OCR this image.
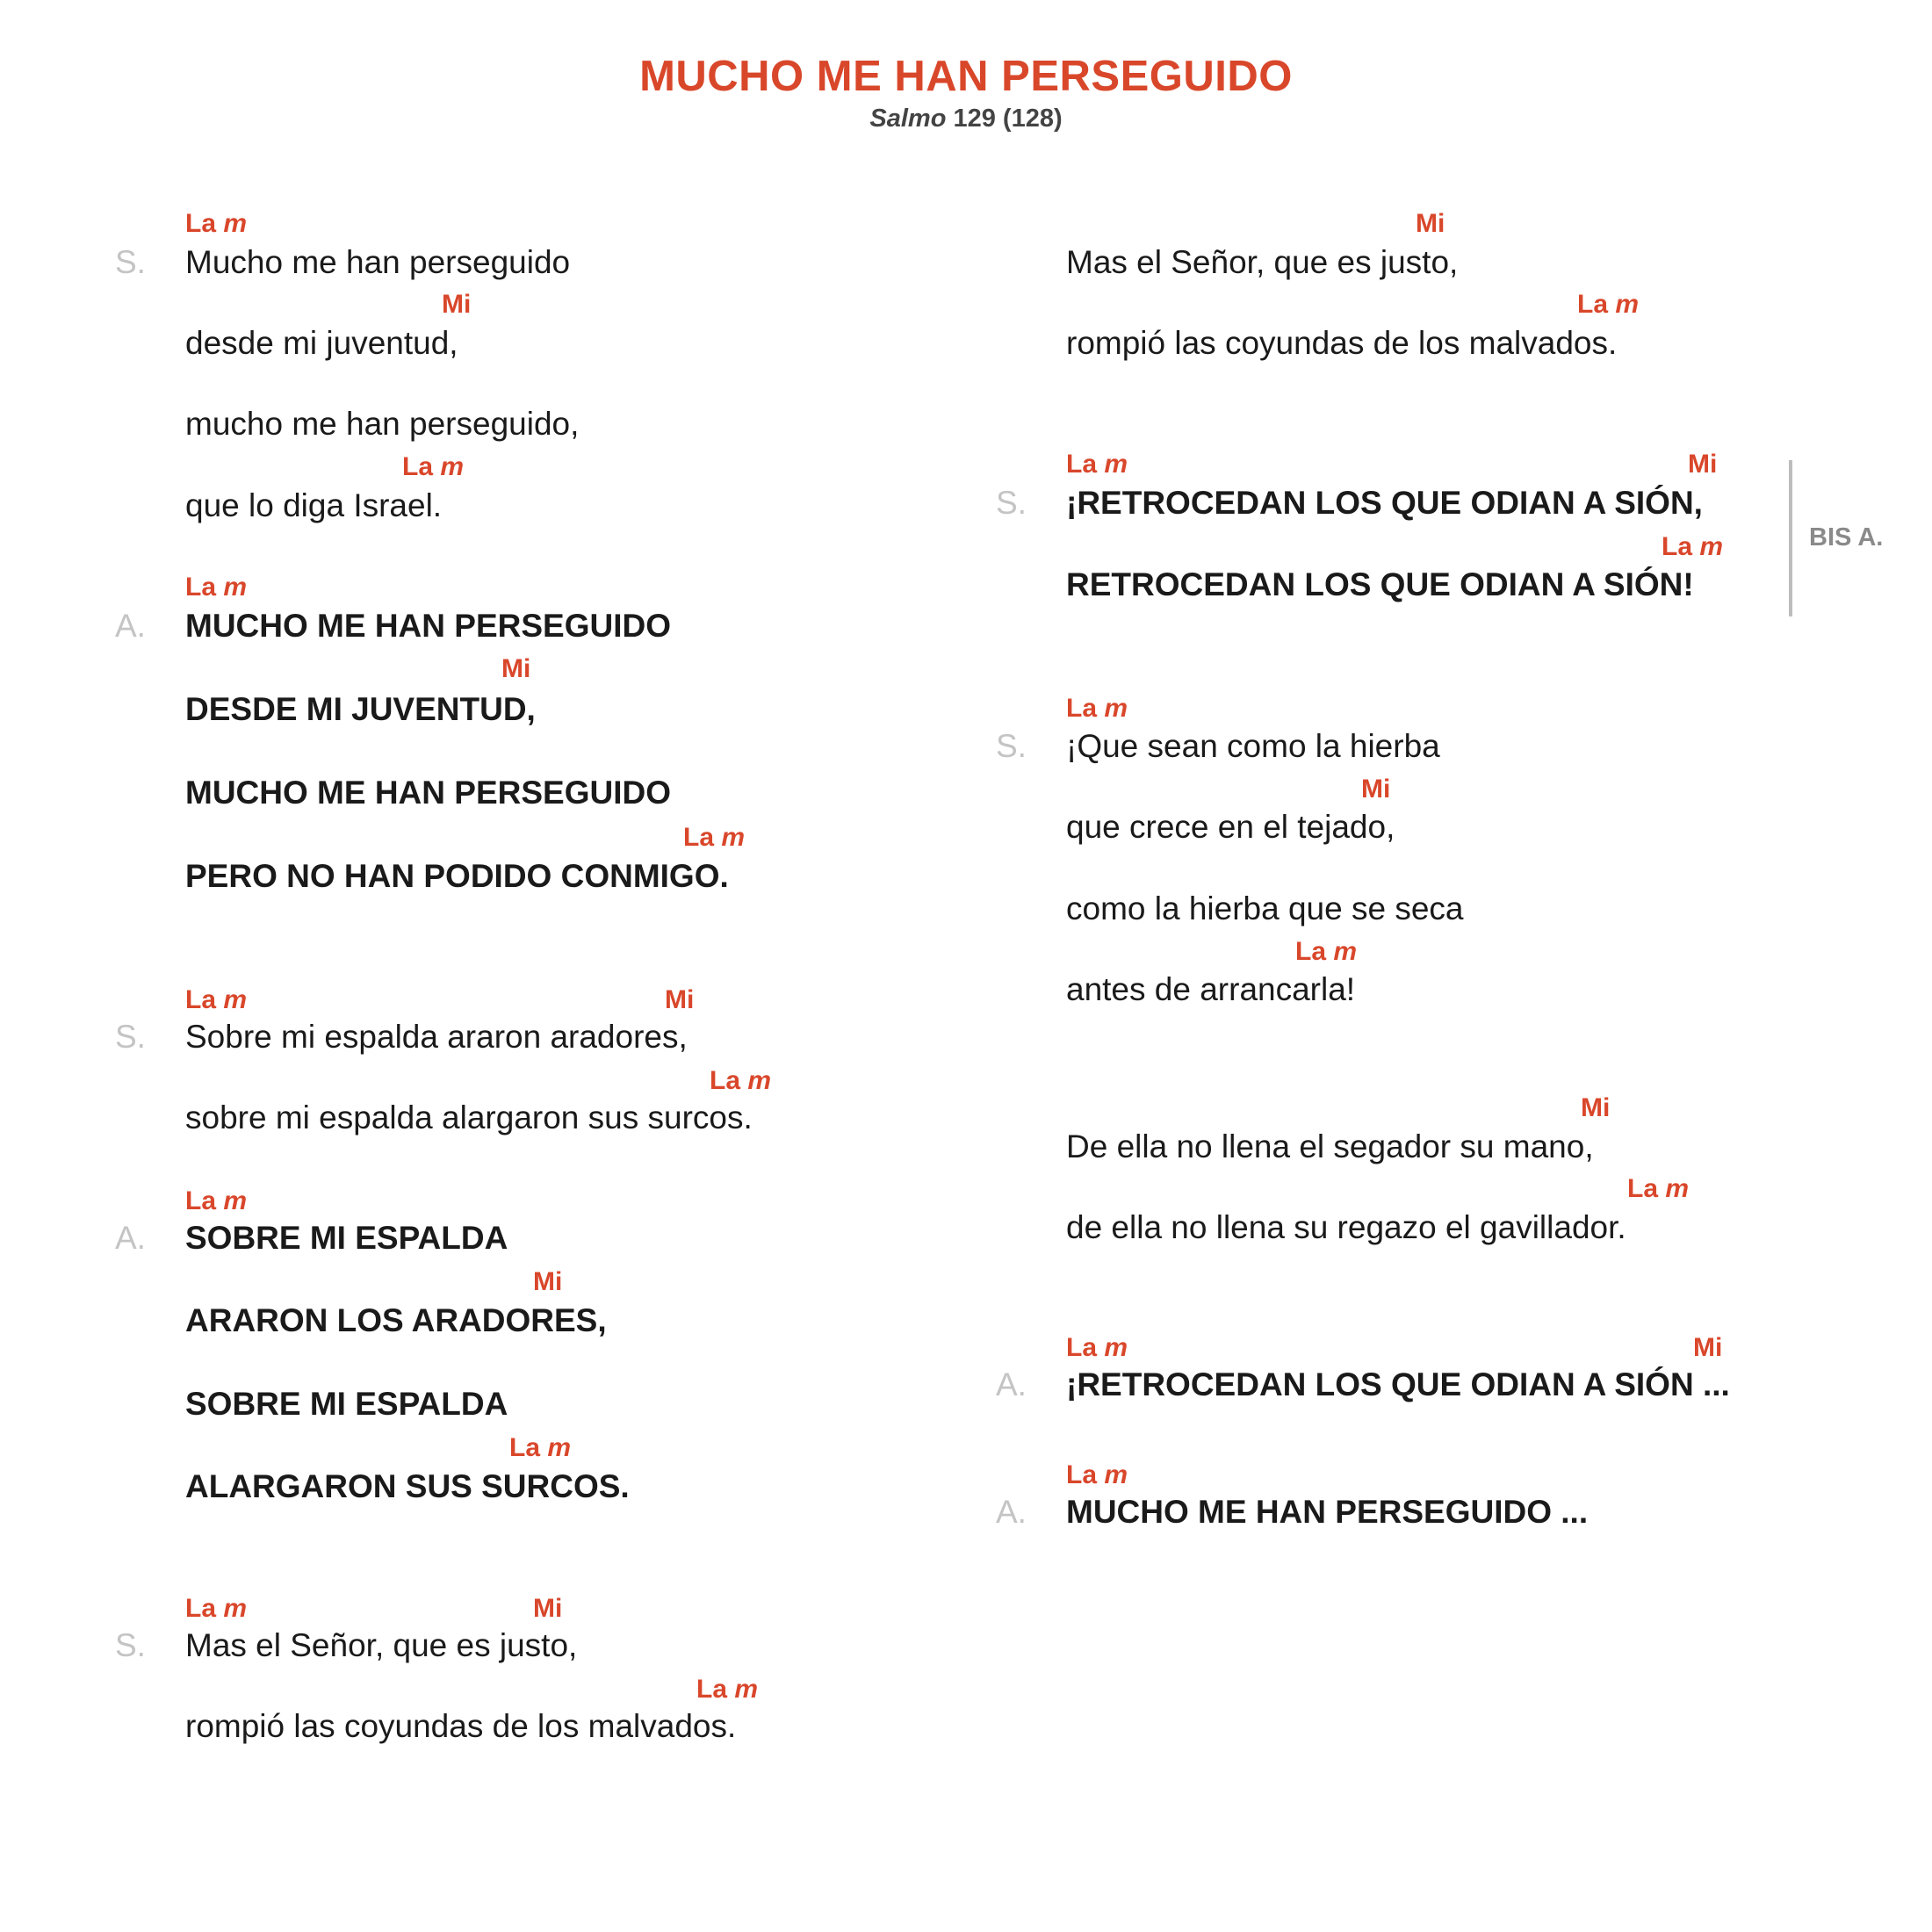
MUCHO ME HAN PERSEGUIDO
Salmo 129 (128)
La m
S. Mucho me han perseguido
Mi
desde mi juventud,
mucho me han perseguido,
La m
que lo diga Israel.
La m
A. MUCHO ME HAN PERSEGUIDO
Mi
DESDE MI JUVENTUD,
MUCHO ME HAN PERSEGUIDO
La m
PERO NO HAN PODIDO CONMIGO.
La m	Mi
S. Sobre mi espalda araron aradores,
La m
sobre mi espalda alargaron sus surcos.
La m
A. SOBRE MI ESPALDA
Mi
ARARON LOS ARADORES,
SOBRE MI ESPALDA
La m
ALARGARON SUS SURCOS.
La m	Mi
S. Mas el Señor, que es justo,
La m
rompió las coyundas de los malvados.
Mi
Mas el Señor, que es justo,
La m
rompió las coyundas de los malvados.
La m	Mi
S. ¡RETROCEDAN LOS QUE ODIAN A SIÓN,
La m
RETROCEDAN LOS QUE ODIAN A SIÓN!
BIS A.
La m
S. ¡Que sean como la hierba
Mi
que crece en el tejado,
como la hierba que se seca
La m
antes de arrancarla!
Mi
De ella no llena el segador su mano,
La m
de ella no llena su regazo el gavillador.
La m	Mi
A. ¡RETROCEDAN LOS QUE ODIAN A SIÓN ...
La m
A. MUCHO ME HAN PERSEGUIDO ...
